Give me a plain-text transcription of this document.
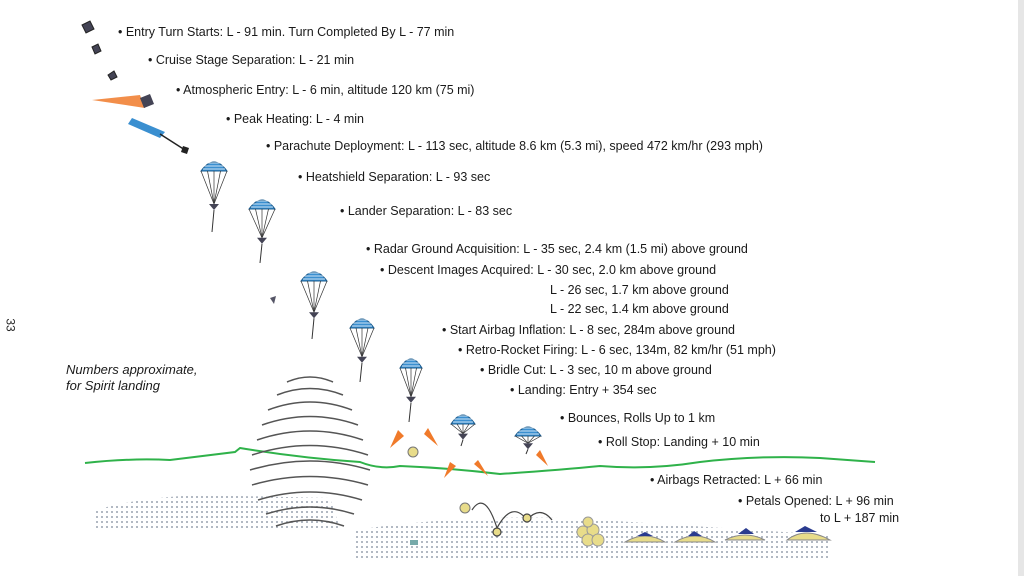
33
• Entry Turn Starts: L - 91 min. Turn Completed By L - 77 min
• Cruise Stage Separation: L - 21 min
• Atmospheric Entry: L - 6 min, altitude 120 km (75 mi)
• Peak Heating: L - 4 min
• Parachute Deployment: L - 113 sec, altitude 8.6 km (5.3 mi), speed 472 km/hr (293 mph)
• Heatshield Separation: L - 93 sec
• Lander Separation: L - 83 sec
• Radar Ground Acquisition: L - 35 sec, 2.4 km (1.5 mi) above ground
• Descent Images Acquired: L - 30 sec, 2.0 km above ground
L - 26 sec, 1.7 km above ground
L - 22 sec, 1.4 km above ground
• Start Airbag Inflation: L - 8 sec, 284m above ground
• Retro-Rocket Firing: L - 6 sec, 134m, 82 km/hr (51 mph)
• Bridle Cut: L - 3 sec, 10 m above ground
• Landing: Entry + 354 sec
• Bounces, Rolls Up to 1 km
• Roll Stop: Landing + 10 min
• Airbags Retracted: L + 66 min
• Petals Opened: L + 96 min
to L + 187 min
Numbers approximate,
for Spirit landing
